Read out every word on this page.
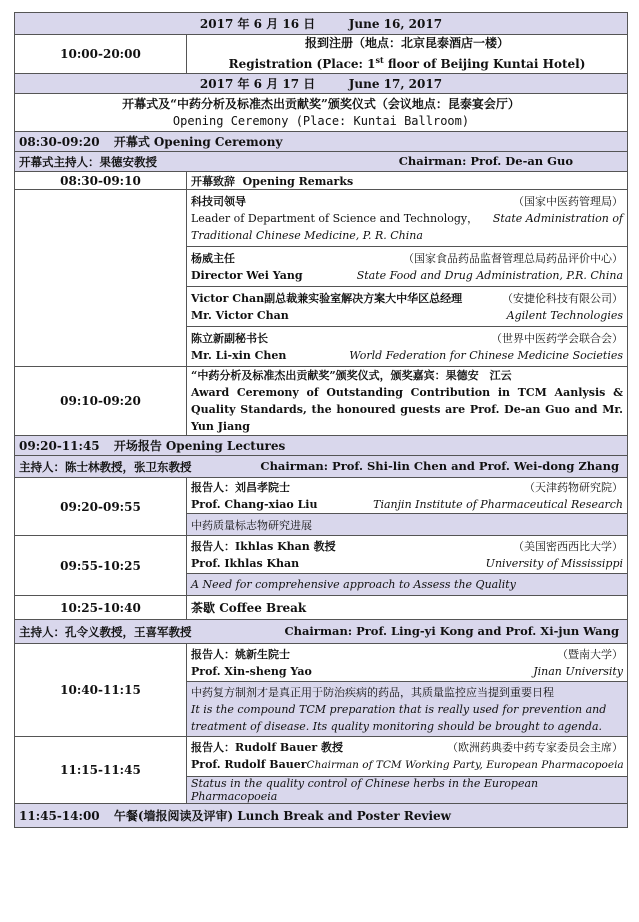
2017 年 6 月 16 日 June 16, 2017	
10:00-20:00	报到注册（地点：北京昆泰酒店一楼）
Registration (Place: 1st floor of Beijing Kuntai Hotel)

2017 年 6 月 17 日 June 17, 2017	

开幕式及“中药分析及标准杰出贡献奖”颁奖仪式（会议地点：昆泰宴会厅）
Opening Ceremony (Place: Kuntai Ballroom)	

08:30-09:20 开幕式 Opening Ceremony	

开幕式主持人：果德安教授 Chairman: Prof. De-an Guo	

08:30-09:10	开幕致辞 Opening Remarks

	科技司领导 （国家中医药管理局）
Leader of Department of Science and Technology， State Administration of
Traditional Chinese Medicine, P. R. China

	杨威主任 （国家食品药品监督管理总局药品评价中心）
Director Wei Yang State Food and Drug Administration, P.R. China

	Victor Chan副总裁兼实验室解决方案大中华区总经理 （安捷伦科技有限公司）
Mr. Victor Chan Agilent Technologies

	陈立新副秘书长 （世界中医药学会联合会）
Mr. Li-xin Chen World Federation for Chinese Medicine Societies

09:10-09:20	“中药分析及标准杰出贡献奖”颁奖仪式，颁奖嘉宾：果德安　江云
Award Ceremony of Outstanding Contribution in TCM Aanlysis & Quality Standards, the honoured guests are Prof. De-an Guo and Mr. Yun Jiang

09:20-11:45 开场报告 Opening Lectures	

主持人：陈士林教授，张卫东教授 Chairman: Prof. Shi-lin Chen and Prof. Wei-dong Zhang	

09:20-09:55	报告人：刘昌孝院士 （天津药物研究院）
Prof. Chang-xiao Liu Tianjin Institute of Pharmaceutical Research

	中药质量标志物研究进展
09:55-10:25	报告人：Ikhlas Khan 教授 （美国密西西比大学）
Prof. Ikhlas Khan University of Mississippi

	A Need for comprehensive approach to Assess the Quality
10:25-10:40	茶歇 Coffee Break

主持人：孔令义教授，王喜军教授 Chairman: Prof. Ling-yi Kong and Prof. Xi-jun Wang	

10:40-11:15	报告人：姚新生院士 （暨南大学）
Prof. Xin-sheng Yao Jinan University

	中药复方制剂才是真正用于防治疾病的药品，其质量监控应当提到重要日程
It is the compound TCM preparation that is really used for prevention and treatment of disease. Its quality monitoring should be brought to agenda.

11:15-11:45	报告人：Rudolf Bauer 教授 （欧洲药典委中药专家委员会主席）
Prof. Rudolf Bauer Chairman of TCM Working Party, European Pharmacopoeia

	Status in the quality control of Chinese herbs in the European Pharmacopoeia
11:45-14:00 午餐(墙报阅读及评审) Lunch Break and Poster Review	
